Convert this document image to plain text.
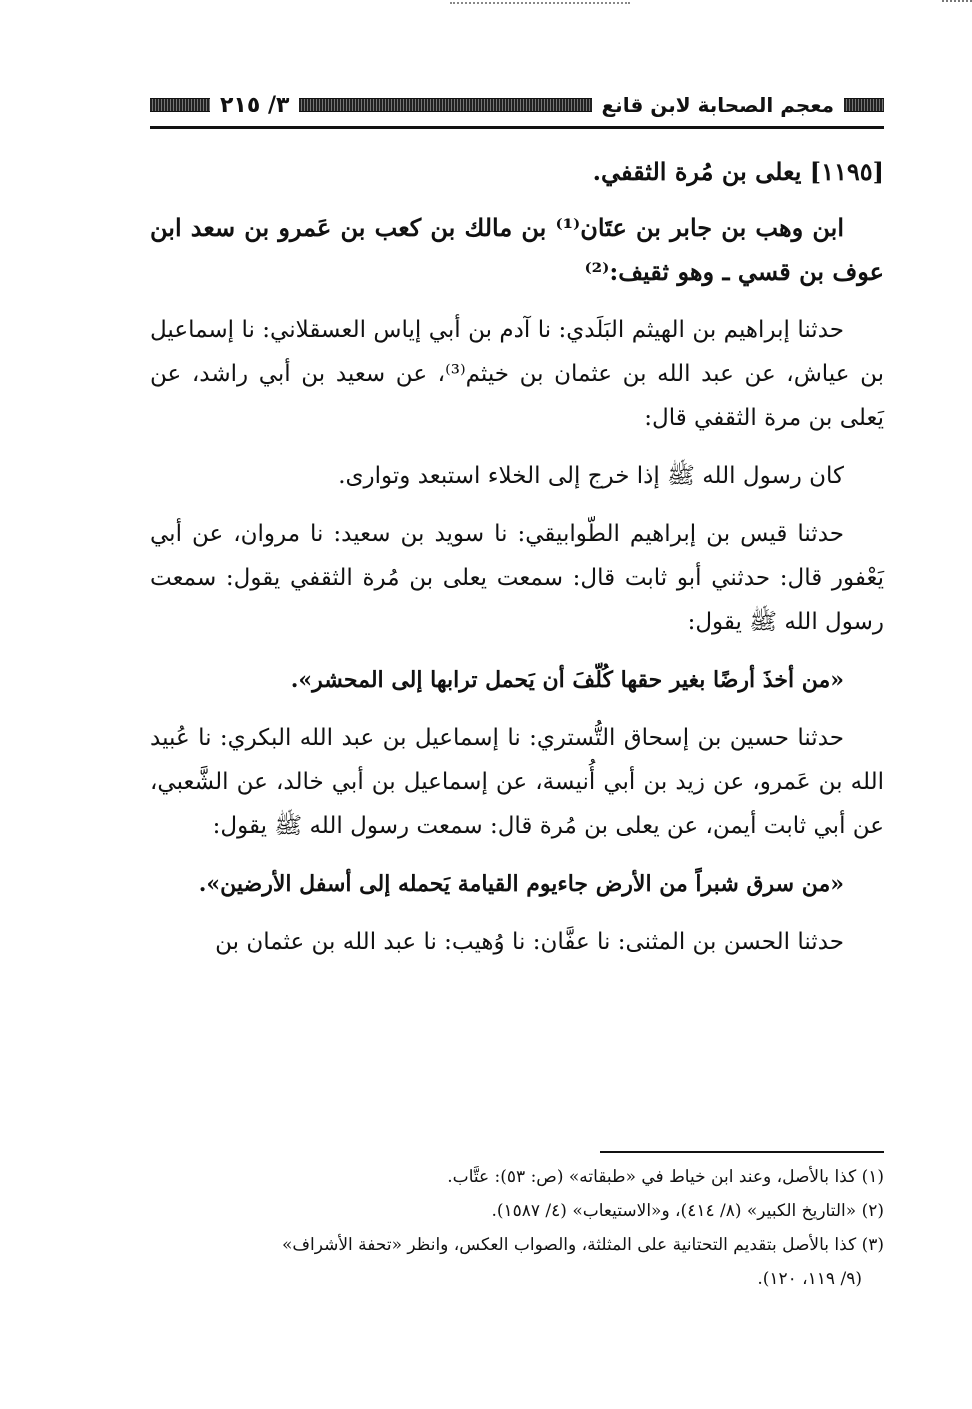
معجم الصحابة لابن قانع
٣/ ٢١٥

[١١٩٥] يعلى بن مُرة الثقفي.

ابن وهب بن جابر بن عتَان⁽¹⁾ بن مالك بن كعب بن عَمرو بن سعد ابن عوف بن قسي ـ وهو ثقيف:⁽²⁾

حدثنا إبراهيم بن الهيثم البَلَدي: نا آدم بن أبي إياس العسقلاني: نا إسماعيل بن عياش، عن عبد الله بن عثمان بن خيثم⁽³⁾، عن سعيد بن أبي راشد، عن يَعلى بن مرة الثقفي قال:

كان رسول الله ﷺ إذا خرج إلى الخلاء استبعد وتوارى.

حدثنا قيس بن إبراهيم الطّوابيقي: نا سويد بن سعيد: نا مروان، عن أبي يَعْفور قال: حدثني أبو ثابت قال: سمعت يعلى بن مُرة الثقفي يقول: سمعت رسول الله ﷺ يقول:

«من أخذَ أرضًا بغير حقها كُلّفَ أن يَحمل ترابها إلى المحشر».

حدثنا حسين بن إسحاق التُّستري: نا إسماعيل بن عبد الله البكري: نا عُبيد الله بن عَمرو، عن زيد بن أبي أُنيسة، عن إسماعيل بن أبي خالد، عن الشَّعبي، عن أبي ثابت أيمن، عن يعلى بن مُرة قال: سمعت رسول الله ﷺ يقول:

«من سرق شبراً من الأرض جاءيوم القيامة يَحمله إلى أسفل الأرضين».

حدثنا الحسن بن المثنى: نا عفَّان: نا وُهيب: نا عبد الله بن عثمان بن

(١) كذا بالأصل، وعند ابن خياط في «طبقاته» (ص: ٥٣): عتَّاب.

(٢) «التاريخ الكبير» (٨/ ٤١٤)، و«الاستيعاب» (٤/ ١٥٨٧).

(٣) كذا بالأصل بتقديم التحتانية على المثلثة، والصواب العكس، وانظر «تحفة الأشراف»

(٩/ ١١٩، ١٢٠).
